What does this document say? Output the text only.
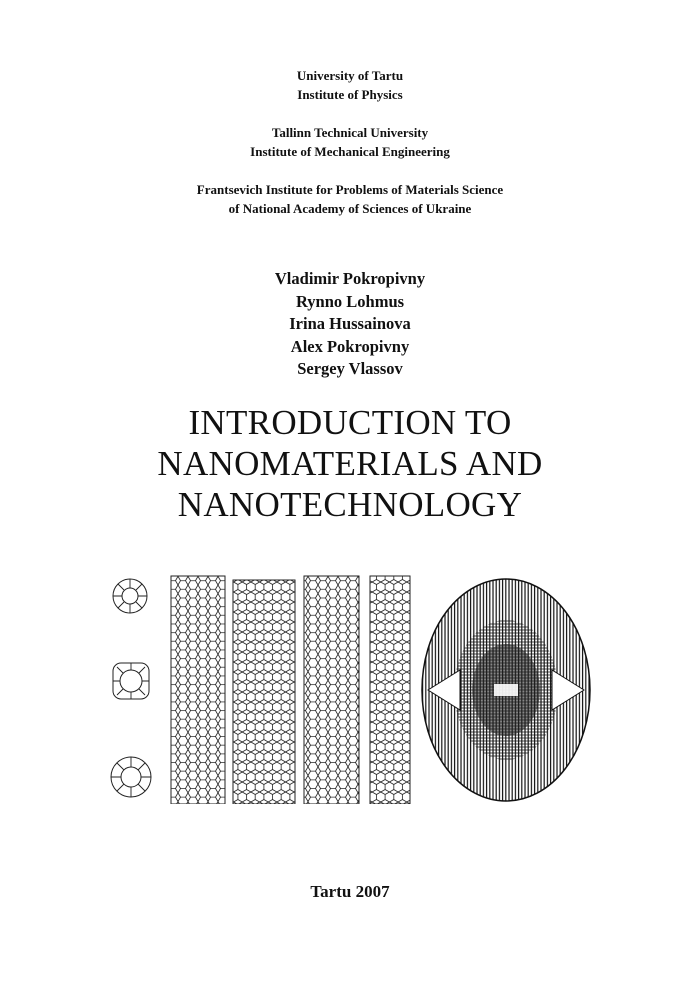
University of Tartu
Institute of Physics
Tallinn Technical University
Institute of Mechanical Engineering
Frantsevich Institute for Problems of Materials Science
of National Academy of Sciences of Ukraine
Vladimir Pokropivny
Rynno Lohmus
Irina Hussainova
Alex Pokropivny
Sergey Vlassov
INTRODUCTION TO
NANOMATERIALS AND
NANOTECHNOLOGY
Tartu 2007
